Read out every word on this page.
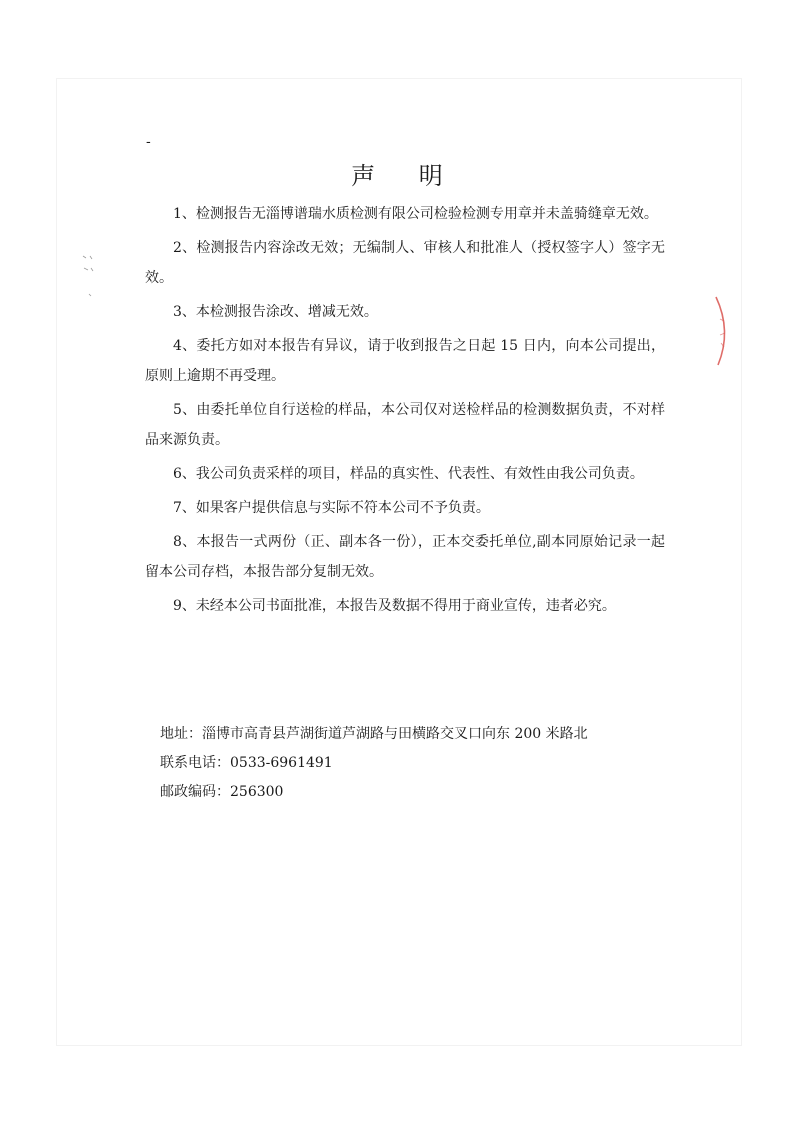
-
声 明

1、检测报告无淄博谱瑞水质检测有限公司检验检测专用章并未盖骑缝章无效。

2、检测报告内容涂改无效；无编制人、审核人和批准人（授权签字人）签字无效。

3、本检测报告涂改、增减无效。

4、委托方如对本报告有异议，请于收到报告之日起 15 日内，向本公司提出，原则上逾期不再受理。

5、由委托单位自行送检的样品，本公司仅对送检样品的检测数据负责，不对样品来源负责。

6、我公司负责采样的项目，样品的真实性、代表性、有效性由我公司负责。

7、如果客户提供信息与实际不符本公司不予负责。

8、本报告一式两份（正、副本各一份），正本交委托单位,副本同原始记录一起留本公司存档，本报告部分复制无效。

9、未经本公司书面批准，本报告及数据不得用于商业宣传，违者必究。

地址：淄博市高青县芦湖街道芦湖路与田横路交叉口向东 200 米路北
联系电话：0533-6961491
邮政编码：256300
